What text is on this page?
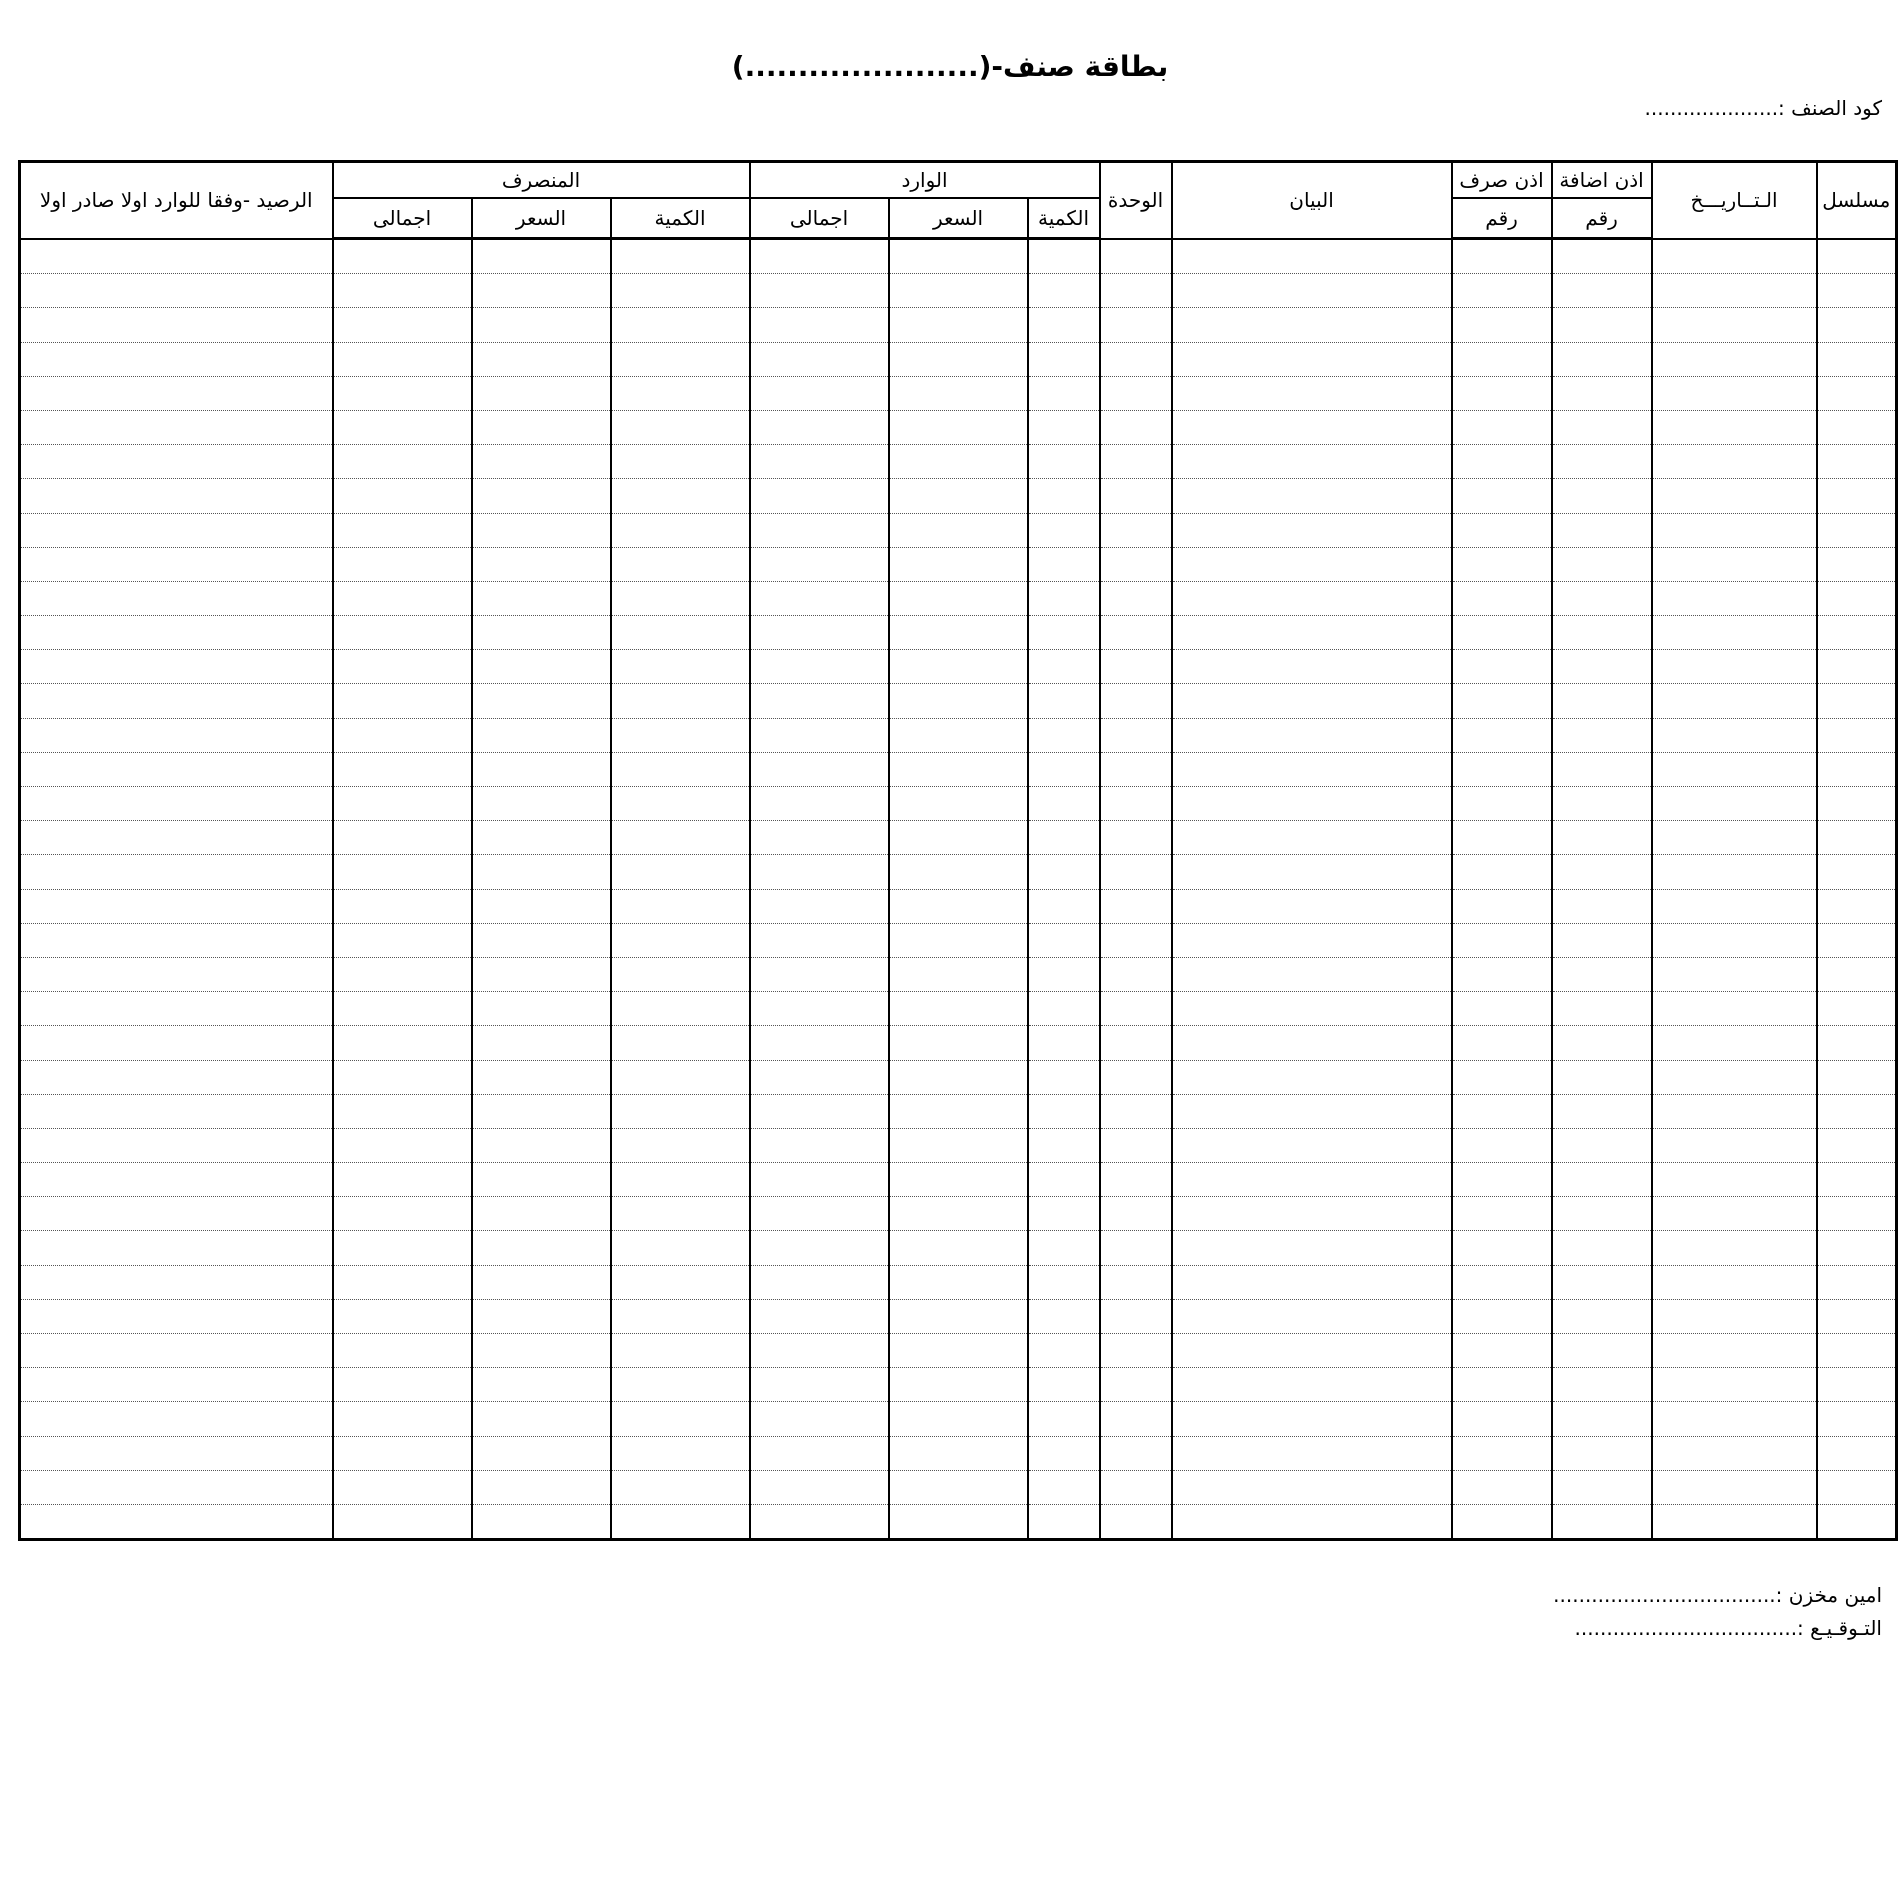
بطاقة صنف-(......................)
كود الصنف :.....................
مسلسل	الـتــاريـــخ	اذن اضافة	اذن صرف	البيان	الوحدة	الوارد			المنصرف			الرصيد -وفقا للوارد اولا صادر اولا
		رقم	رقم			الكمية	السعر	اجمالى	الكمية	السعر	اجمالى	

امين مخزن :...................................
التـوقـيـع :...................................
